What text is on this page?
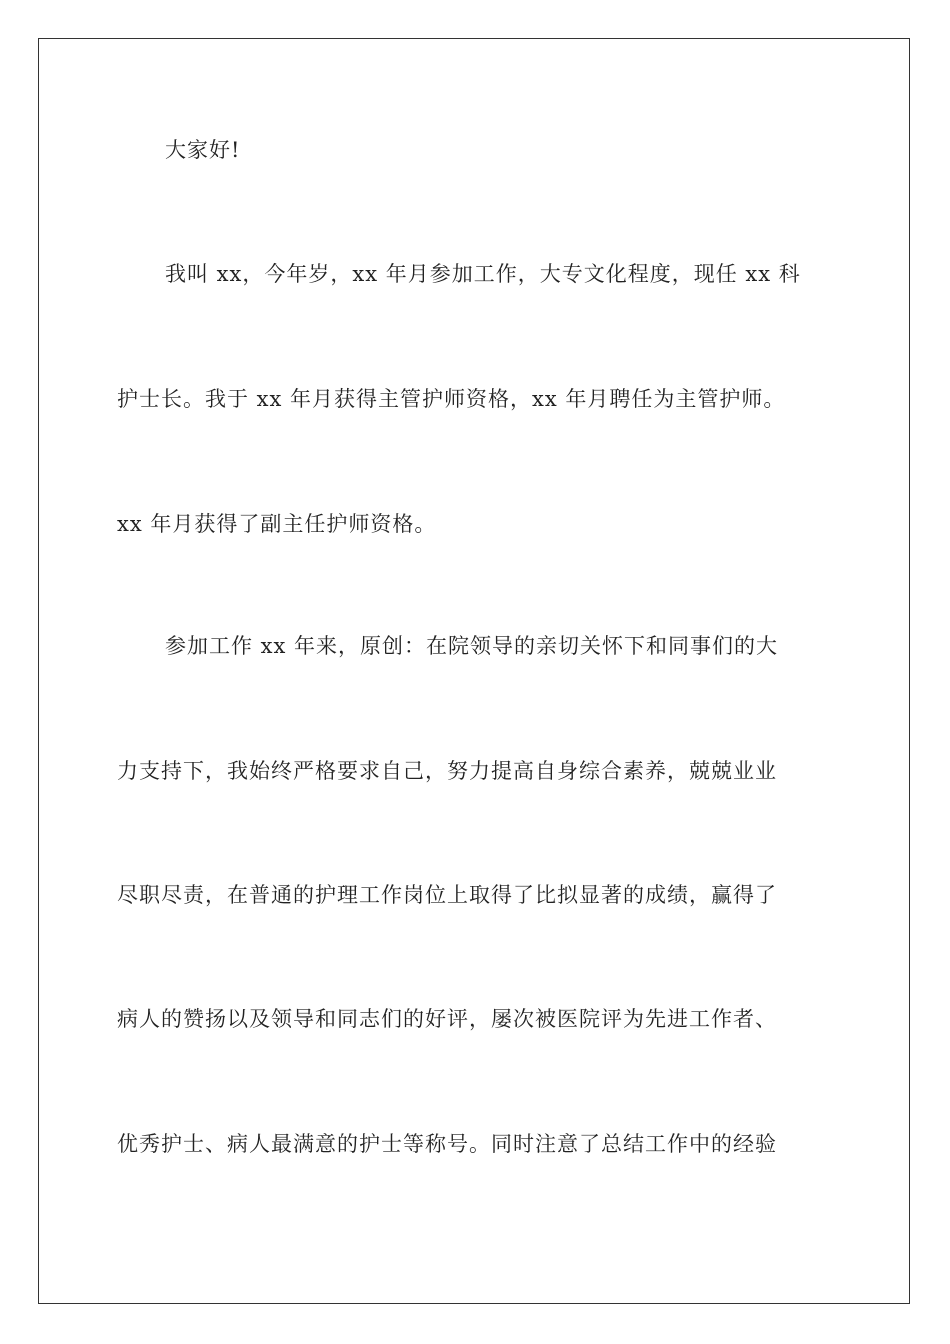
大家好!
我叫 xx，今年岁，xx 年月参加工作，大专文化程度，现任 xx 科
护士长。我于 xx 年月获得主管护师资格，xx 年月聘任为主管护师。
xx 年月获得了副主任护师资格。
参加工作 xx 年来，原创：在院领导的亲切关怀下和同事们的大
力支持下，我始终严格要求自己，努力提高自身综合素养，兢兢业业
尽职尽责，在普通的护理工作岗位上取得了比拟显著的成绩，赢得了
病人的赞扬以及领导和同志们的好评，屡次被医院评为先进工作者、
优秀护士、病人最满意的护士等称号。同时注意了总结工作中的经验
